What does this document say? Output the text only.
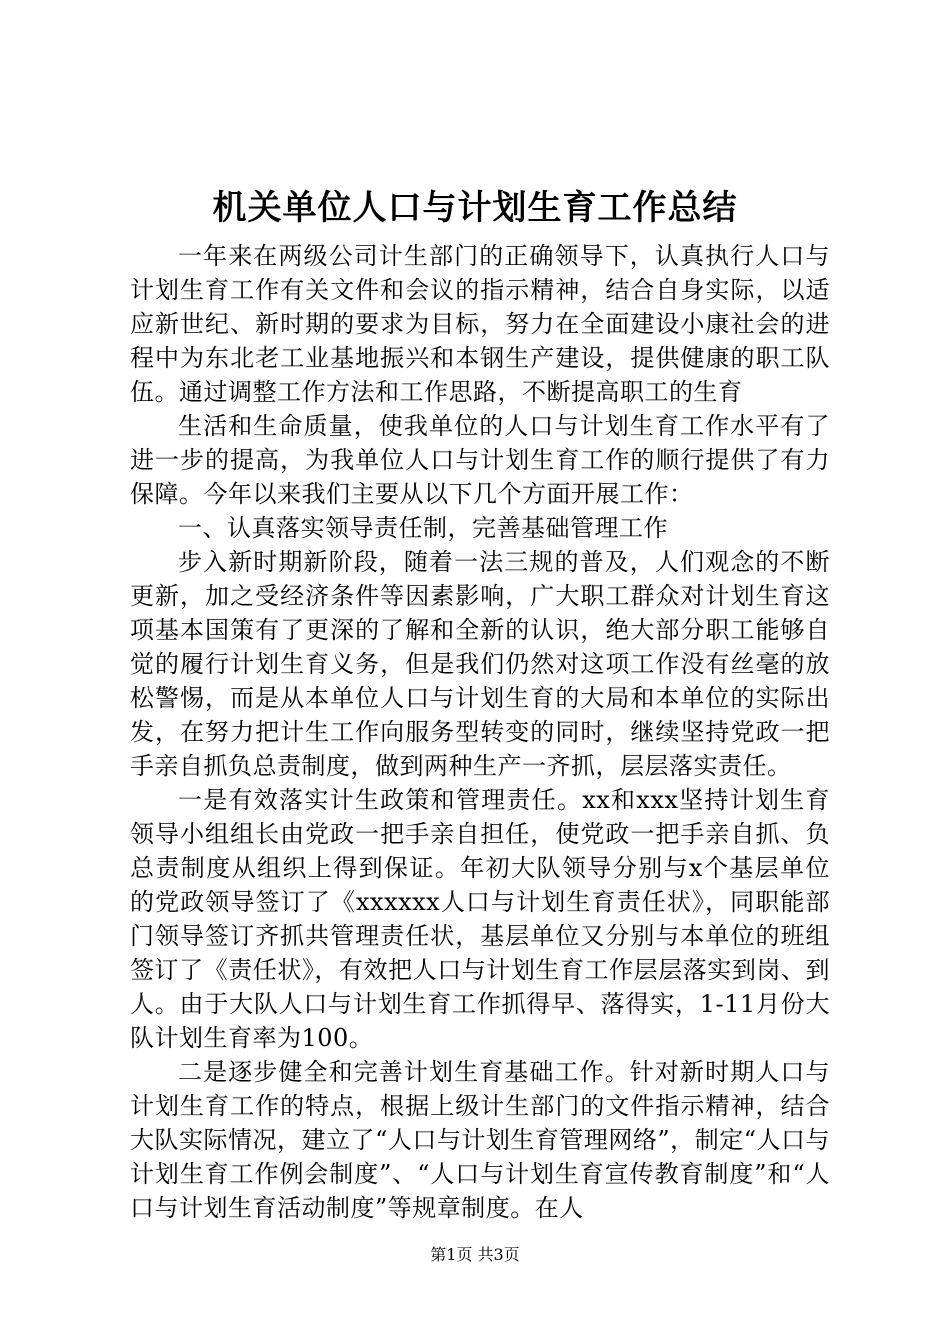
机关单位人口与计划生育工作总结

一年来在两级公司计生部门的正确领导下，认真执行人口与计划生育工作有关文件和会议的指示精神，结合自身实际，以适应新世纪、新时期的要求为目标，努力在全面建设小康社会的进程中为东北老工业基地振兴和本钢生产建设，提供健康的职工队伍。通过调整工作方法和工作思路，不断提高职工的生育

生活和生命质量，使我单位的人口与计划生育工作水平有了进一步的提高，为我单位人口与计划生育工作的顺行提供了有力保障。今年以来我们主要从以下几个方面开展工作：

一、认真落实领导责任制，完善基础管理工作

步入新时期新阶段，随着一法三规的普及，人们观念的不断更新，加之受经济条件等因素影响，广大职工群众对计划生育这项基本国策有了更深的了解和全新的认识，绝大部分职工能够自觉的履行计划生育义务，但是我们仍然对这项工作没有丝毫的放松警惕，而是从本单位人口与计划生育的大局和本单位的实际出发，在努力把计生工作向服务型转变的同时，继续坚持党政一把手亲自抓负总责制度，做到两种生产一齐抓，层层落实责任。

一是有效落实计生政策和管理责任。xx和xxx坚持计划生育领导小组组长由党政一把手亲自担任，使党政一把手亲自抓、负总责制度从组织上得到保证。年初大队领导分别与x个基层单位的党政领导签订了《xxxxxx人口与计划生育责任状》，同职能部门领导签订齐抓共管理责任状，基层单位又分别与本单位的班组签订了《责任状》，有效把人口与计划生育工作层层落实到岗、到人。由于大队人口与计划生育工作抓得早、落得实，1-11月份大队计划生育率为100。

二是逐步健全和完善计划生育基础工作。针对新时期人口与计划生育工作的特点，根据上级计生部门的文件指示精神，结合大队实际情况，建立了“人口与计划生育管理网络”，制定“人口与计划生育工作例会制度”、“人口与计划生育宣传教育制度”和“人口与计划生育活动制度”等规章制度。在人

第1页 共3页
